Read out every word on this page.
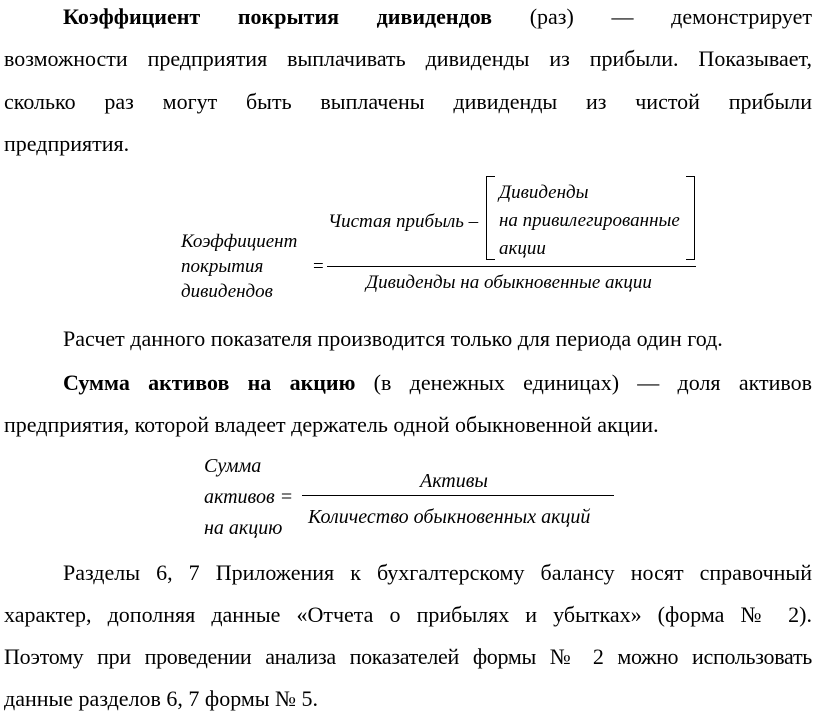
Коэффициент покрытия дивидендов (раз) — демонстрирует
возможности предприятия выплачивать дивиденды из прибыли. Показывает,
сколько раз могут быть выплачены дивиденды из чистой прибыли
предприятия.
Коэффициент
покрытия
дивидендов
=
Чистая прибыль –
Дивиденды
на привилегированные
акции
Дивиденды на обыкновенные акции
Расчет данного показателя производится только для периода один год.
Сумма активов на акцию (в денежных единицах) — доля активов
предприятия, которой владеет держатель одной обыкновенной акции.
Сумма
активов =
на акцию
Активы
Количество обыкновенных акций
Разделы 6, 7 Приложения к бухгалтерскому балансу носят справочный
характер, дополняя данные «Отчета о прибылях и убытках» (форма № 2).
Поэтому при проведении анализа показателей формы № 2 можно использовать
данные разделов 6, 7 формы № 5.
